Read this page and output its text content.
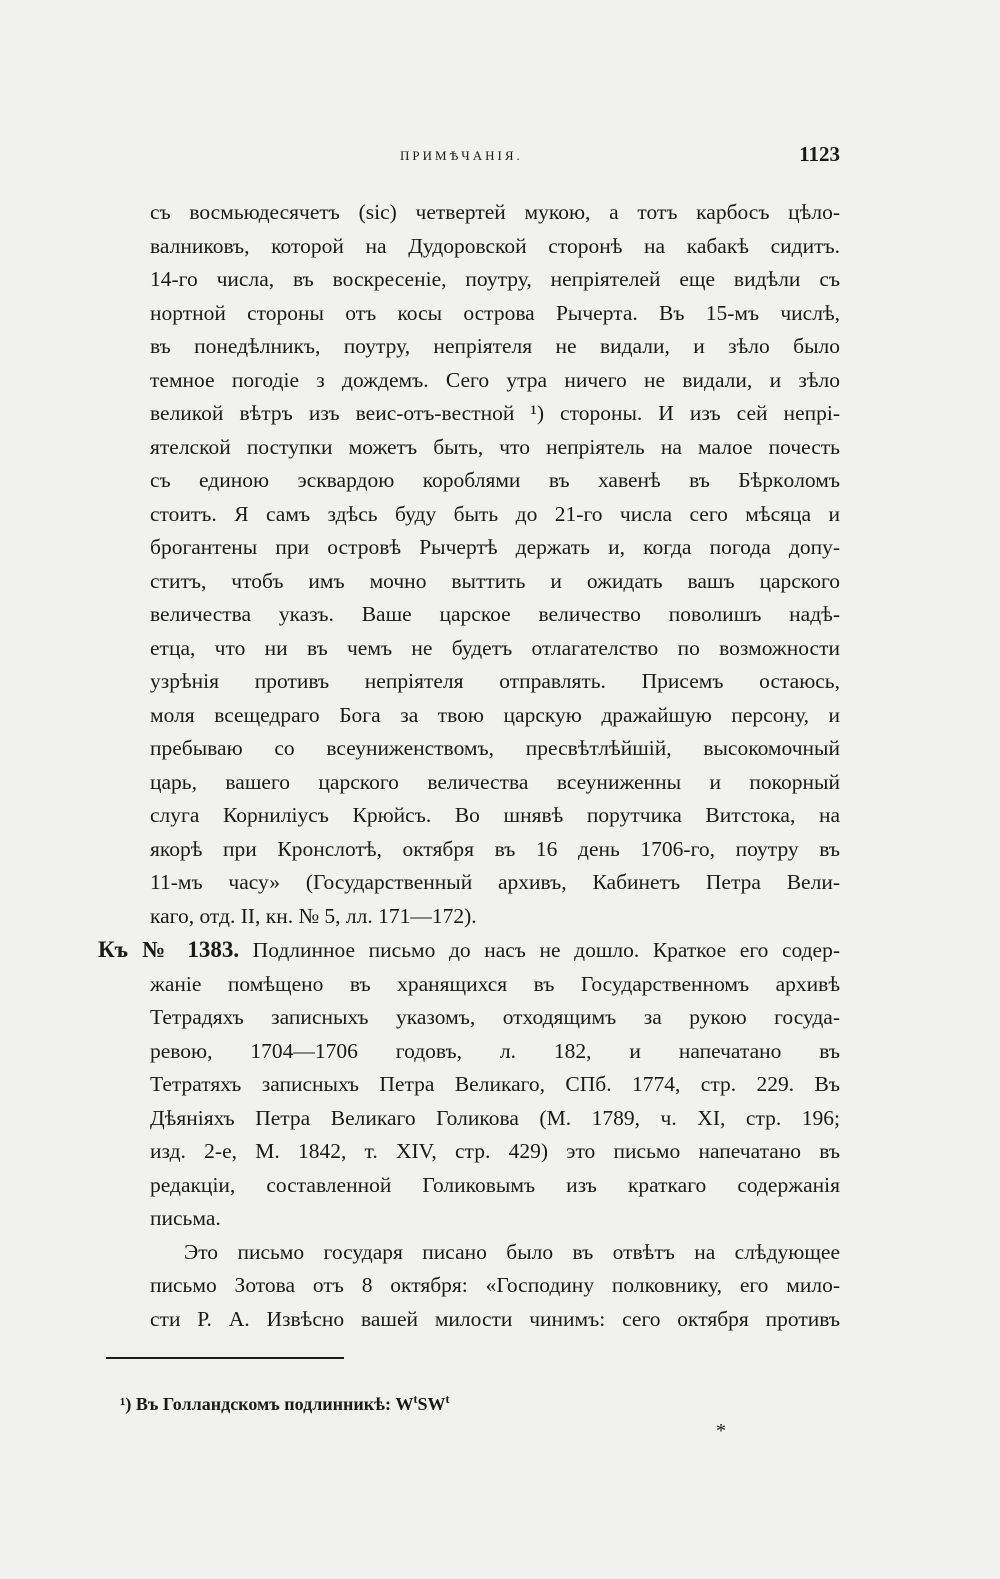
ПРИМѢЧАНІЯ.	1123
съ восмьюдесячетъ (sic) четвертей мукою, а тотъ карбосъ цѣло-
валниковъ, которой на Дудоровской сторонѣ на кабакѣ сидитъ.
14-го числа, въ воскресеніе, поутру, непріятелей еще видѣли съ
нортной стороны отъ косы острова Рычерта. Въ 15-мъ числѣ,
въ понедѣлникъ, поутру, непріятеля не видали, и зѣло было
темное погодіе з дождемъ. Сего утра ничего не видали, и зѣло
великой вѣтръ изъ веис-отъ-вестной ¹) стороны. И изъ сей непрі-
ятелской поступки можетъ быть, что непріятель на малое почесть
съ единою эсквардою короблями въ хавенѣ въ Бѣркoломъ
стоитъ. Я самъ здѣсь буду быть до 21-го числа сего мѣсяца и
брогантены при островѣ Рычертѣ держать и, когда погода допу-
ститъ, чтобъ имъ мочно выттить и ожидать вашъ царского
величества указъ. Ваше царское величество поволишъ надѣ-
етца, что ни въ чемъ не будетъ отлагателство по возможности
узрѣнія противъ непріятеля отправлять. Присемъ остаюсь,
моля всещедраго Бога за твою царскую дражайшую персону, и
пребываю со всеуниженствомъ, пресвѣтлѣйшій, высокомочный
царь, вашего царского величества всеуниженны и покорный
слуга Корниліусъ Крюйсъ. Во шнявѣ порутчика Витстока, на
якорѣ при Кронслотѣ, октября въ 16 день 1706-го, поутру въ
11-мъ часу» (Государственный архивъ, Кабинетъ Петра Вели-
каго, отд. II, кн. № 5, лл. 171—172).
Къ № 1383. Подлинное письмо до насъ не дошло. Краткое его содер-
жаніе помѣщено въ хранящихся въ Государственномъ архивѣ
Тетрадяхъ записныхъ указомъ, отходящимъ за рукою госуда-
ревою, 1704—1706 годовъ, л. 182, и напечатано въ
Тетратяхъ записныхъ Петра Великаго, СПб. 1774, стр. 229. Въ
Дѣяніяхъ Петра Великаго Голикова (М. 1789, ч. XI, стр. 196;
изд. 2-е, М. 1842, т. XIV, стр. 429) это письмо напечатано въ
редакціи, составленной Голиковымъ изъ краткаго содержанія
письма.
Это письмо государя писано было въ отвѣтъ на слѣдующее
письмо Зотова отъ 8 октября: «Господину полковнику, его мило-
сти Р. А. Извѣсно вашей милости чинимъ: сего октября противъ
¹) Въ Голландскомъ подлинникѣ: W$^t$SW$^t$
*
